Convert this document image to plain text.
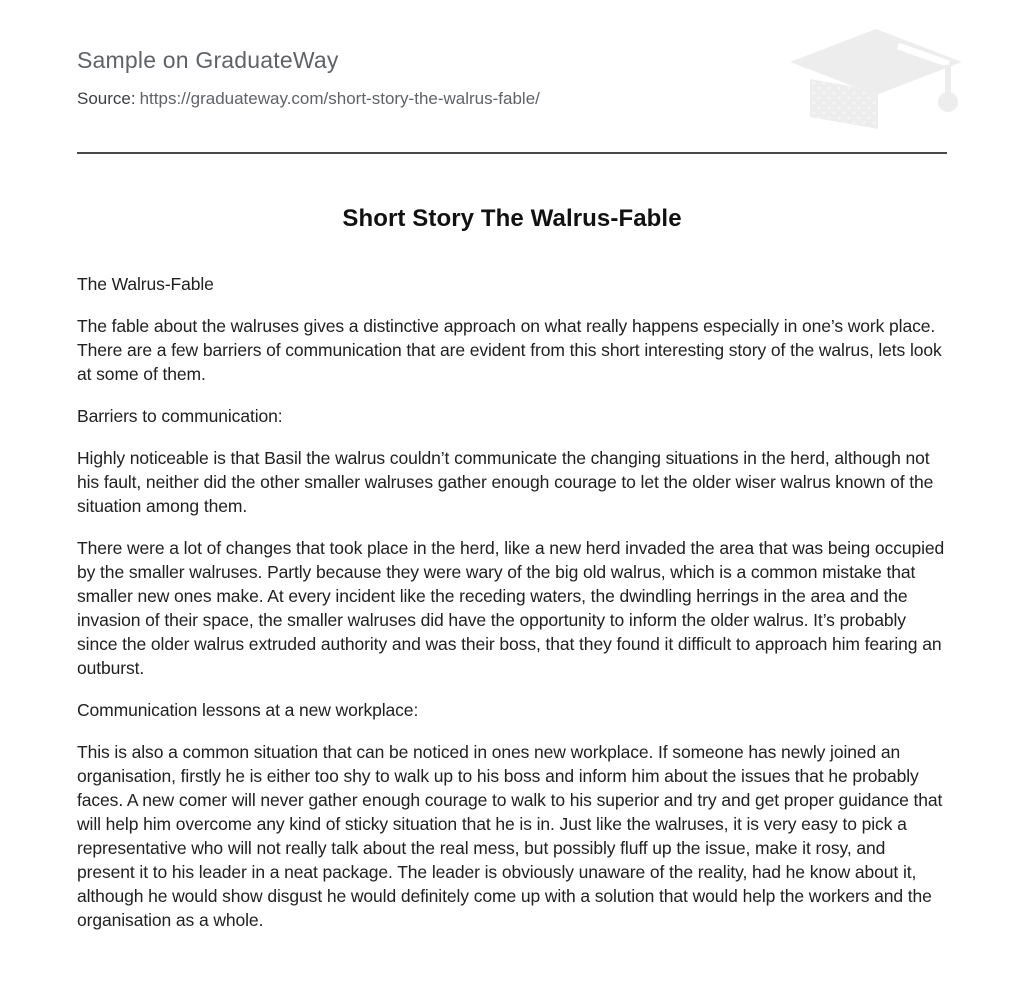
Sample on GraduateWay
Source: https://graduateway.com/short-story-the-walrus-fable/
Short Story The Walrus-Fable

The Walrus-Fable

The fable about the walruses gives a distinctive approach on what really happens especially in one’s work place. There are a few barriers of communication that are evident from this short interesting story of the walrus, lets look at some of them.

Barriers to communication:

Highly noticeable is that Basil the walrus couldn’t communicate the changing situations in the herd, although not his fault, neither did the other smaller walruses gather enough courage to let the older wiser walrus known of the situation among them.

There were a lot of changes that took place in the herd, like a new herd invaded the area that was being occupied by the smaller walruses. Partly because they were wary of the big old walrus, which is a common mistake that smaller new ones make. At every incident like the receding waters, the dwindling herrings in the area and the invasion of their space, the smaller walruses did have the opportunity to inform the older walrus. It’s probably since the older walrus extruded authority and was their boss, that they found it difficult to approach him fearing an outburst.

Communication lessons at a new workplace:

This is also a common situation that can be noticed in ones new workplace. If someone has newly joined an organisation, firstly he is either too shy to walk up to his boss and inform him about the issues that he probably faces. A new comer will never gather enough courage to walk to his superior and try and get proper guidance that will help him overcome any kind of sticky situation that he is in. Just like the walruses, it is very easy to pick a representative who will not really talk about the real mess, but possibly fluff up the issue, make it rosy, and present it to his leader in a neat package. The leader is obviously unaware of the reality, had he know about it, although he would show disgust he would definitely come up with a solution that would help the workers and the organisation as a whole.
